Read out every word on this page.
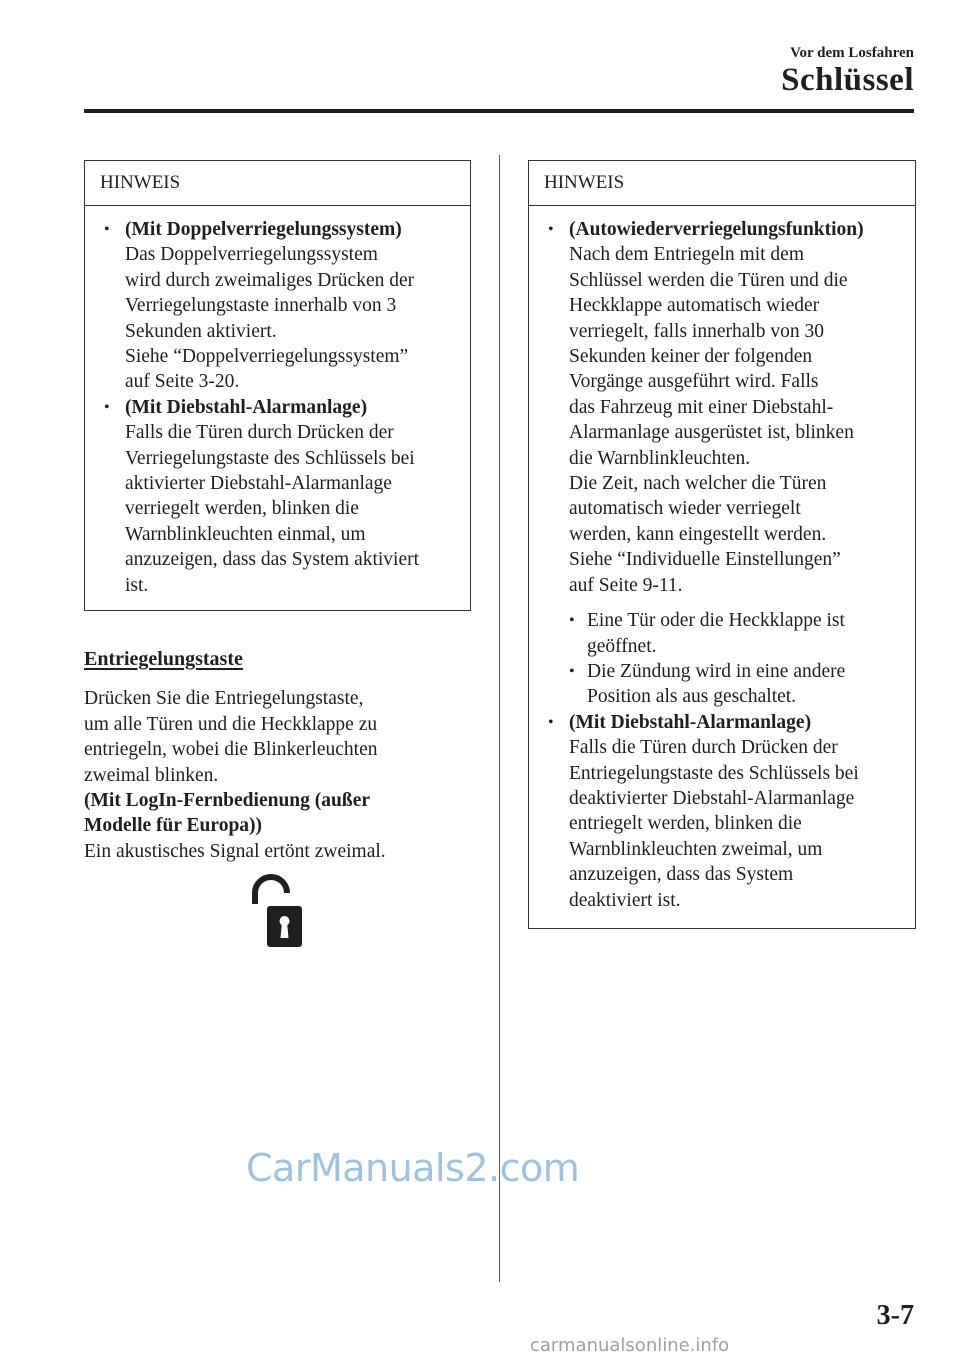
Vor dem Losfahren
Schlüssel
HINWEIS
• (Mit Doppelverriegelungssystem)
Das Doppelverriegelungssystem
wird durch zweimaliges Drücken der
Verriegelungstaste innerhalb von 3
Sekunden aktiviert.
Siehe “Doppelverriegelungssystem”
auf Seite 3-20.
• (Mit Diebstahl-Alarmanlage)
Falls die Türen durch Drücken der
Verriegelungstaste des Schlüssels bei
aktivierter Diebstahl-Alarmanlage
verriegelt werden, blinken die
Warnblinkleuchten einmal, um
anzuzeigen, dass das System aktiviert
ist.
Entriegelungstaste
Drücken Sie die Entriegelungstaste,
um alle Türen und die Heckklappe zu
entriegeln, wobei die Blinkerleuchten
zweimal blinken.
(Mit LogIn-Fernbedienung (außer
Modelle für Europa))
Ein akustisches Signal ertönt zweimal.
HINWEIS
• (Autowiederverriegelungsfunktion)
Nach dem Entriegeln mit dem
Schlüssel werden die Türen und die
Heckklappe automatisch wieder
verriegelt, falls innerhalb von 30
Sekunden keiner der folgenden
Vorgänge ausgeführt wird. Falls
das Fahrzeug mit einer Diebstahl-
Alarmanlage ausgerüstet ist, blinken
die Warnblinkleuchten.
Die Zeit, nach welcher die Türen
automatisch wieder verriegelt
werden, kann eingestellt werden.
Siehe “Individuelle Einstellungen”
auf Seite 9-11.
• Eine Tür oder die Heckklappe ist
geöffnet.
• Die Zündung wird in eine andere
Position als aus geschaltet.
• (Mit Diebstahl-Alarmanlage)
Falls die Türen durch Drücken der
Entriegelungstaste des Schlüssels bei
deaktivierter Diebstahl-Alarmanlage
entriegelt werden, blinken die
Warnblinkleuchten zweimal, um
anzuzeigen, dass das System
deaktiviert ist.
CarManuals2.com
3-7
carmanualsonline.info
